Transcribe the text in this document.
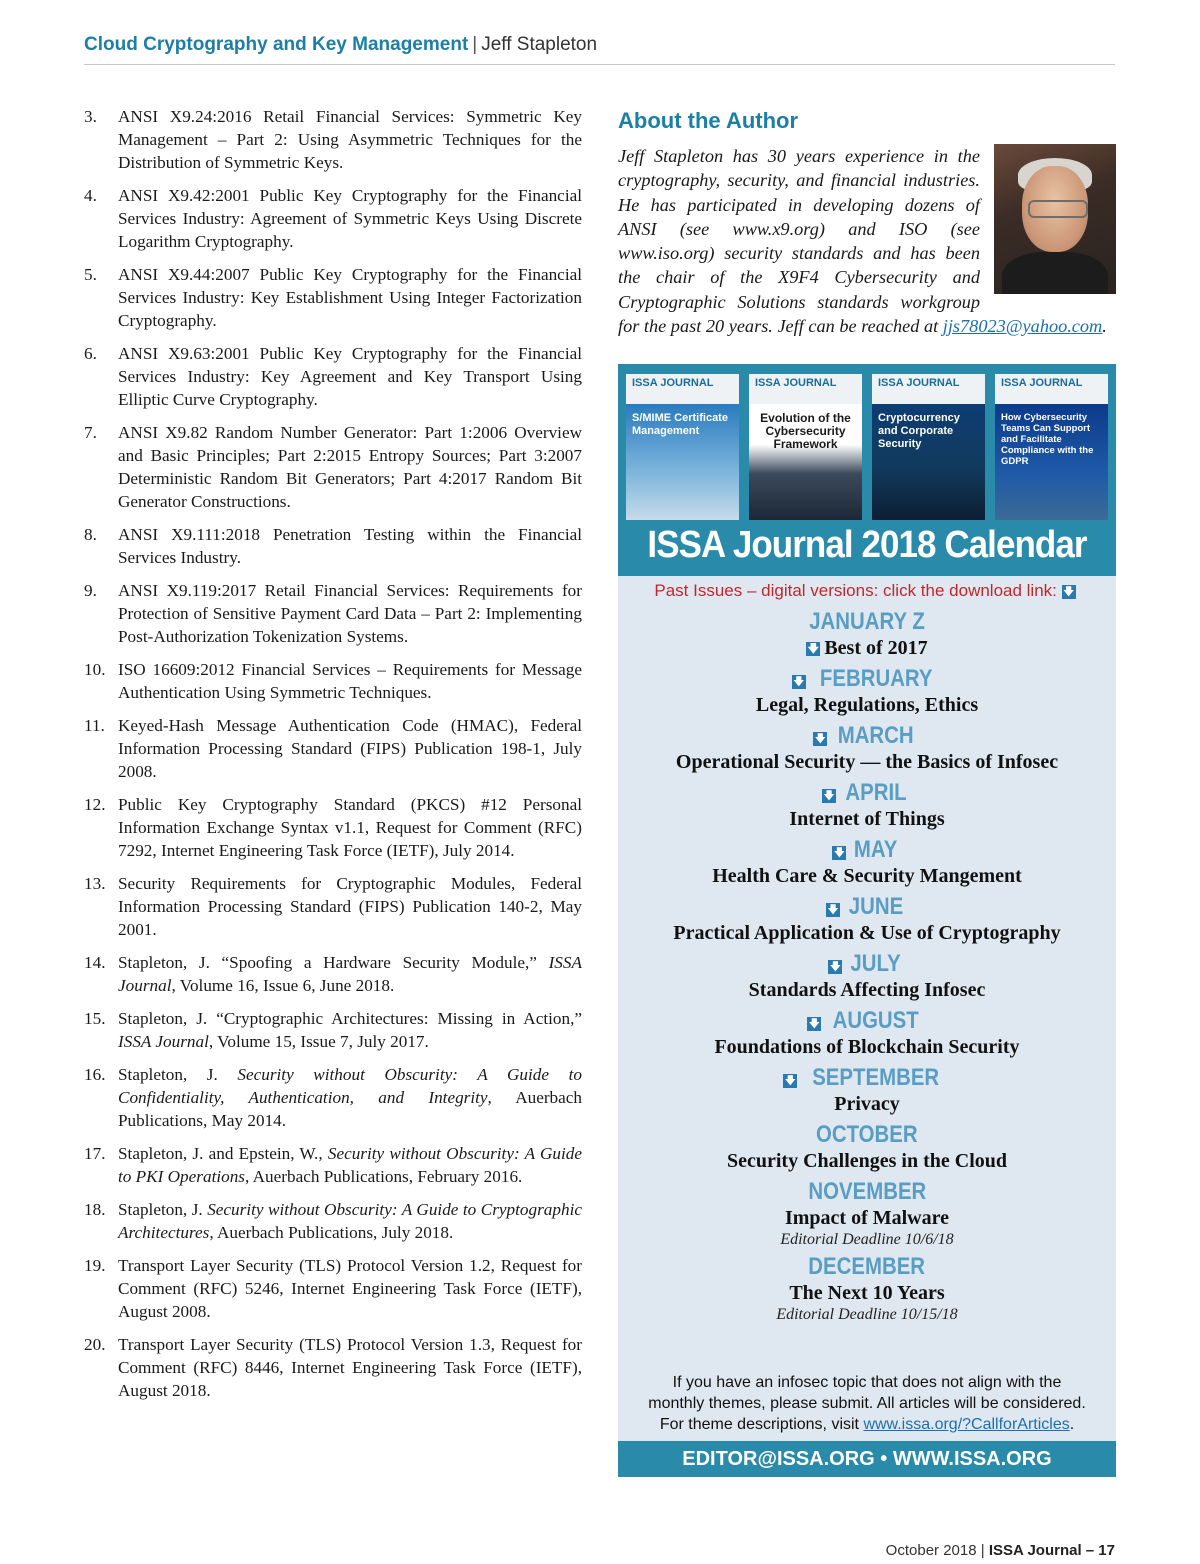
Cloud Cryptography and Key Management | Jeff Stapleton
3.	ANSI X9.24:2016 Retail Financial Services: Symmetric Key Management – Part 2: Using Asymmetric Techniques for the Distribution of Symmetric Keys.
4.	ANSI X9.42:2001 Public Key Cryptography for the Financial Services Industry: Agreement of Symmetric Keys Using Discrete Logarithm Cryptography.
5.	ANSI X9.44:2007 Public Key Cryptography for the Financial Services Industry: Key Establishment Using Integer Factorization Cryptography.
6.	ANSI X9.63:2001 Public Key Cryptography for the Financial Services Industry: Key Agreement and Key Transport Using Elliptic Curve Cryptography.
7.	ANSI X9.82 Random Number Generator: Part 1:2006 Overview and Basic Principles; Part 2:2015 Entropy Sources; Part 3:2007 Deterministic Random Bit Generators; Part 4:2017 Random Bit Generator Constructions.
8.	ANSI X9.111:2018 Penetration Testing within the Financial Services Industry.
9.	ANSI X9.119:2017 Retail Financial Services: Requirements for Protection of Sensitive Payment Card Data – Part 2: Implementing Post-Authorization Tokenization Systems.
10. ISO 16609:2012 Financial Services – Requirements for Message Authentication Using Symmetric Techniques.
11. Keyed-Hash Message Authentication Code (HMAC), Federal Information Processing Standard (FIPS) Publication 198-1, July 2008.
12. Public Key Cryptography Standard (PKCS) #12 Personal Information Exchange Syntax v1.1, Request for Comment (RFC) 7292, Internet Engineering Task Force (IETF), July 2014.
13. Security Requirements for Cryptographic Modules, Federal Information Processing Standard (FIPS) Publication 140-2, May 2001.
14. Stapleton, J. “Spoofing a Hardware Security Module,” ISSA Journal, Volume 16, Issue 6, June 2018.
15. Stapleton, J. “Cryptographic Architectures: Missing in Action,” ISSA Journal, Volume 15, Issue 7, July 2017.
16. Stapleton, J. Security without Obscurity: A Guide to Confidentiality, Authentication, and Integrity, Auerbach Publications, May 2014.
17. Stapleton, J. and Epstein, W., Security without Obscurity: A Guide to PKI Operations, Auerbach Publications, February 2016.
18. Stapleton, J. Security without Obscurity: A Guide to Cryptographic Architectures, Auerbach Publications, July 2018.
19. Transport Layer Security (TLS) Protocol Version 1.2, Request for Comment (RFC) 5246, Internet Engineering Task Force (IETF), August 2008.
20. Transport Layer Security (TLS) Protocol Version 1.3, Request for Comment (RFC) 8446, Internet Engineering Task Force (IETF), August 2018.
About the Author

Jeff Stapleton has 30 years experience in the cryptography, security, and financial industries. He has participated in developing dozens of ANSI (see www.x9.org) and ISO (see www.iso.org) security standards and has been the chair of the X9F4 Cybersecurity and Cryptographic Solutions standards workgroup for the past 20 years. Jeff can be reached at jjs78023@yahoo.com.

ISSA JOURNAL
S/MIME Certificate Management
ISSA JOURNAL
Evolution of the Cybersecurity Framework
ISSA JOURNAL
Cryptocurrency and Corporate Security
ISSA JOURNAL
How Cybersecurity Teams Can Support and Facilitate Compliance with the GDPR
ISSA Journal 2018 Calendar
Past Issues – digital versions: click the download link: 🡇
JANUARY Z
🡇 Best of 2017
🡇 FEBRUARY
Legal, Regulations, Ethics
🡇 MARCH
Operational Security — the Basics of Infosec
🡇 APRIL
Internet of Things
🡇 MAY
Health Care & Security Mangement
🡇 JUNE
Practical Application & Use of Cryptography
🡇 JULY
Standards Affecting Infosec
🡇 AUGUST
Foundations of Blockchain Security
🡇 SEPTEMBER
Privacy
OCTOBER
Security Challenges in the Cloud
NOVEMBER
Impact of Malware
Editorial Deadline 10/6/18
DECEMBER
The Next 10 Years
Editorial Deadline 10/15/18
If you have an infosec topic that does not align with the
monthly themes, please submit. All articles will be considered.
For theme descriptions, visit www.issa.org/?CallforArticles.
EDITOR@ISSA.ORG • WWW.ISSA.ORG
October 2018 | ISSA Journal – 17
